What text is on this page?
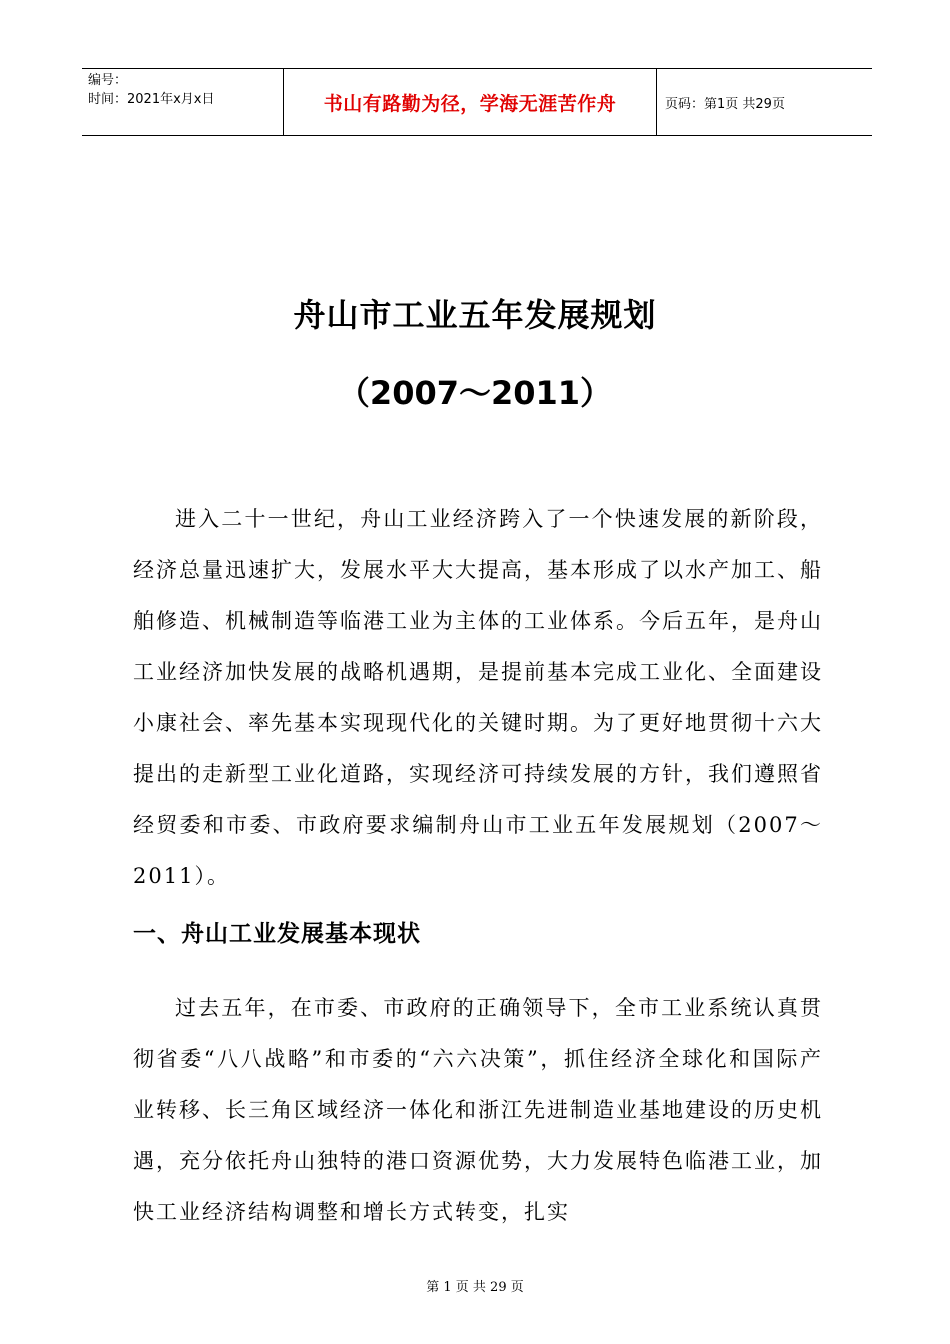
编号：
时间：2021年x月x日	书山有路勤为径，学海无涯苦作舟	页码：第1页 共29页
舟山市工业五年发展规划
（2007～2011）

进入二十一世纪，舟山工业经济跨入了一个快速发展的新阶段，经济总量迅速扩大，发展水平大大提高，基本形成了以水产加工、船舶修造、机械制造等临港工业为主体的工业体系。今后五年，是舟山工业经济加快发展的战略机遇期，是提前基本完成工业化、全面建设小康社会、率先基本实现现代化的关键时期。为了更好地贯彻十六大提出的走新型工业化道路，实现经济可持续发展的方针，我们遵照省经贸委和市委、市政府要求编制舟山市工业五年发展规划（2007～2011）。

一、舟山工业发展基本现状

过去五年，在市委、市政府的正确领导下，全市工业系统认真贯彻省委“八八战略”和市委的“六六决策”，抓住经济全球化和国际产业转移、长三角区域经济一体化和浙江先进制造业基地建设的历史机遇，充分依托舟山独特的港口资源优势，大力发展特色临港工业，加快工业经济结构调整和增长方式转变，扎实

第 1 页 共 29 页
